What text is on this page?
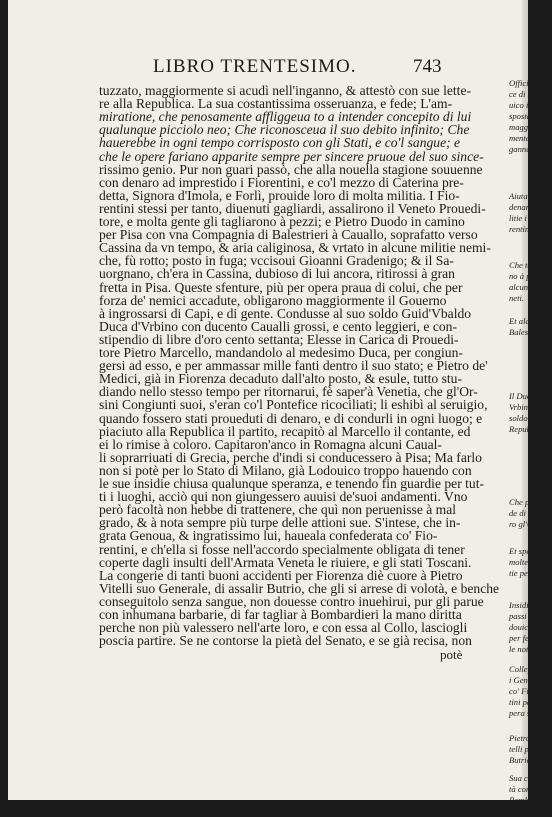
LIBRO TRENTESIMO.	743
tuzzato, maggiormente si acudì nell'inganno, & attestò con sue lette-
re alla Republica. La sua costantissima osseruanza, e fede; L'am-
miratione, che penosamente affliggeua to a intender concepito di lui
qualunque picciolo neo; Che riconosceua il suo debito infinito; Che
hauerebbe in ogni tempo corrisposto con gli Stati, e co'l sangue; e
che le opere fariano apparite sempre per sincere pruoue del suo since-
rissimo genio. Pur non guari passò, che alla nouella stagione souuenne
con denaro ad imprestido i Fiorentini, e co'l mezzo di Caterina pre-
detta, Signora d'Imola, e Forlì, prouide loro di molta militia. I Fio-
rentini stessi per tanto, diuenuti gagliardi, assalirono il Veneto Prouedi-
tore, e molta gente gli tagliarono à pezzi; e Pietro Duodo in camino
per Pisa con vna Compagnia di Balestrieri à Cauallo, soprafatto verso
Cassina da vn tempo, & aria caliginosa, & vrtato in alcune militie nemi-
che, fù rotto; posto in fuga; vccisoui Gioanni Gradenigo; & il Sa-
uorgnano, ch'era in Cassina, dubioso di lui ancora, ritirossi à gran
fretta in Pisa. Queste sfenture, più per opera praua di colui, che per
forza de' nemici accadute, obligarono maggiormente il Gouerno
à ingrossarsi di Capi, e di gente. Condusse al suo soldo Guid'Vbaldo
Duca d'Vrbino con ducento Caualli grossi, e cento leggieri, e con-
stipendio di libre d'oro cento settanta; Elesse in Carica di Prouedi-
tore Pietro Marcello, mandandolo al medesimo Duca, per congiun-
gersi ad esso, e per ammassar mille fanti dentro il suo stato; e Pietro de'
Medici, già in Fiorenza decaduto dall'alto posto, & esule, tutto stu-
diando nello stesso tempo per ritornarui, fè saper'à Venetia, che gl'Or-
sini Congiunti suoi, s'eran co'l Pontefice ricociliati; li eshibì al seruigio,
quando fossero stati proueduti di denaro, e di condurli in ogni luogo; e
piaciuto alla Republica il partito, recapitò al Marcello il contante, ed
ei lo rimise à coloro. Capitaron'anco in Romagna alcuni Caual-
li soprarriuati di Grecia, perche d'indi si conducessero à Pisa; Ma farlo
non si potè per lo Stato di Milano, già Lodouico troppo hauendo con
le sue insidie chiusa qualunque speranza, e tenendo fin guardie per tut-
ti i luoghi, acciò qui non giungessero auuisi de'suoi andamenti. Vno
però facoltà non hebbe di trattenere, che quì non peruenisse à mal
grado, & à nota sempre più turpe delle attioni sue. S'intese, che in-
grata Genoua, & ingratissimo lui, haueala confederata co' Fio-
rentini, e ch'ella si fosse nell'accordo specialmente obligata di tener
coperte dagli insulti dell'Armata Veneta le riuiere, e gli stati Toscani.
La congerie di tanti buoni accidenti per Fiorenza diè cuore à Pietro
Vitelli suo Generale, di assalir Butrio, che gli si arrese di volotà, e benche
conseguitolo senza sangue, non douesse contro inuehirui, pur gli parue
con inhumana barbarie, di far tagliar à Bombardieri la mano diritta
perche non più valessero nell'arte loro, e con essa al Collo, lasciogli
poscia partire. Se ne contorse la pietà del Senato, e se già recisa, non
potè
Officio dol-
ce di Lodo-
uico in ri-
sposta per
maggior-
mente in-
gannare.
Aiuta con
denaro, e mi
litie i Fio-
rentini.
Che taglia-
no à pezzi
alcuni Ve-
neti.
Et alcuni
Balestrieri.
Il Duca d'
Vrbino al
soldo della
Republica.
Che proue-
de di dena-
ro gl'Orsini
Et spedisce
molte mili-
tie per Pisa
Insidie a'
passi di Lo-
douico auco
per fermar
le notitie.
Collegatisi
i Genouesi
co' Fioren-
tini per o-
pera sua.
Pietro Vi-
telli prende
Butrio.
Sua crudel-
tà contro i
Bombardie-
ri.
